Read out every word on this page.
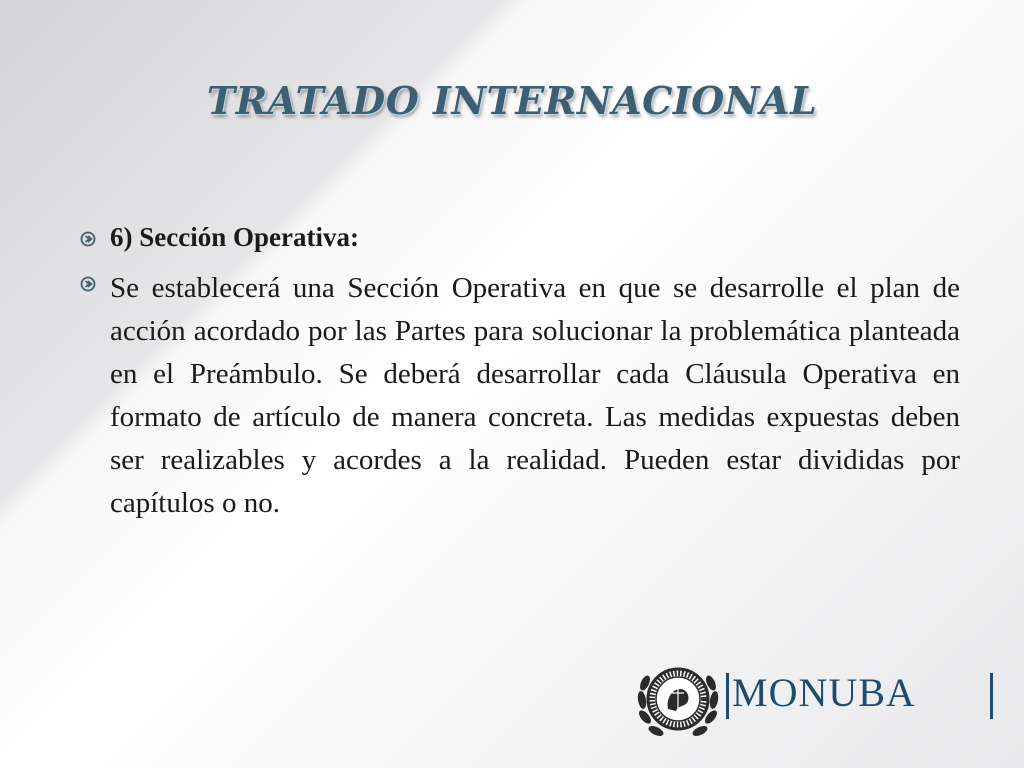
TRATADO INTERNACIONAL
6) Sección Operativa:
Se establecerá una Sección Operativa en que se desarrolle el plan de acción acordado por las Partes para solucionar la problemática planteada en el Preámbulo. Se deberá desarrollar cada Cláusula Operativa en formato de artículo de manera concreta. Las medidas expuestas deben ser realizables y acordes a la realidad. Pueden estar divididas por capítulos o no.
MONUBA
